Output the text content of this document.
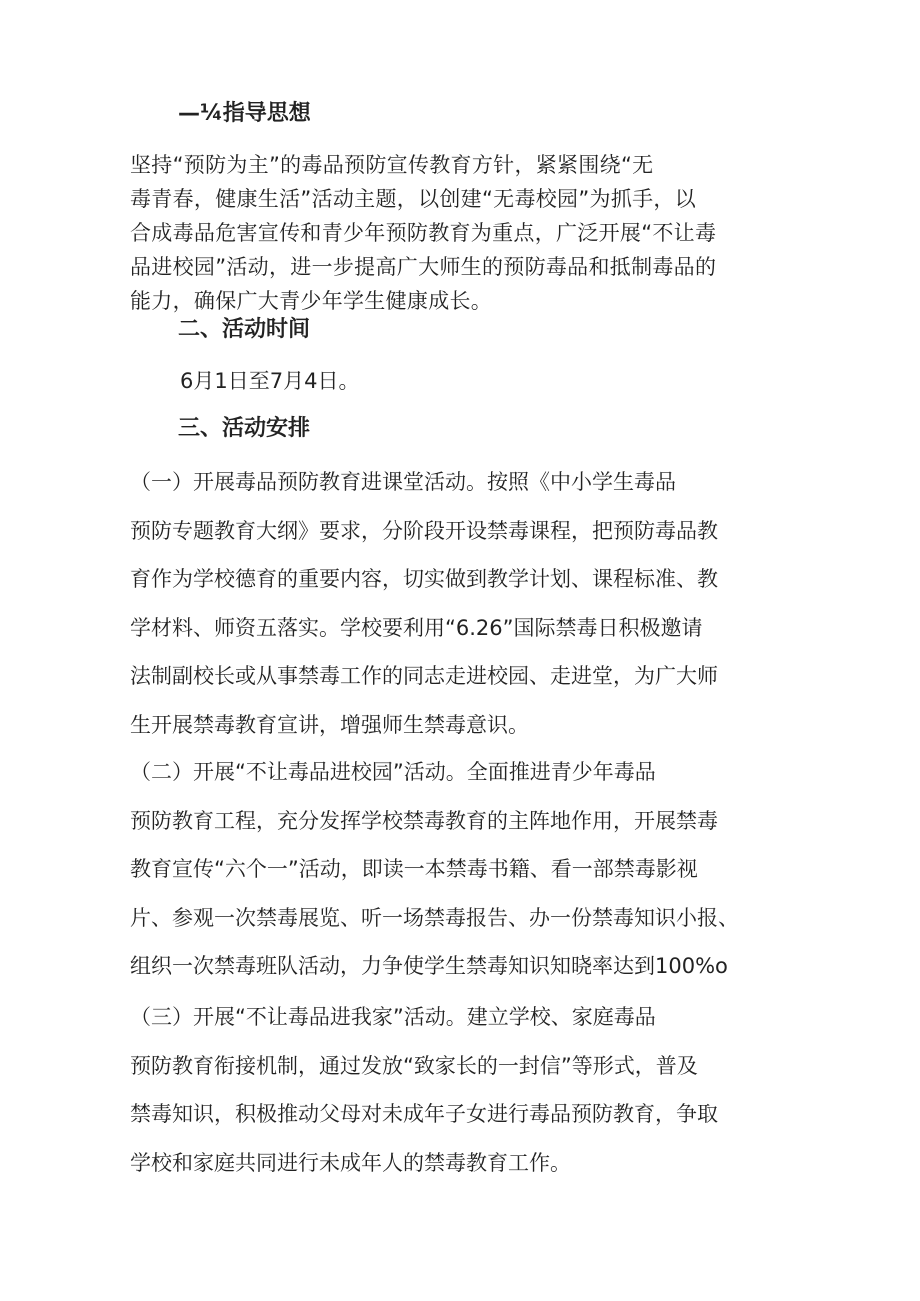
—¼指导思想

坚持“预防为主”的毒品预防宣传教育方针，紧紧围绕“无
毒青春，健康生活”活动主题，以创建“无毒校园”为抓手，以
合成毒品危害宣传和青少年预防教育为重点，广泛开展“不让毒
品进校园”活动，进一步提高广大师生的预防毒品和抵制毒品的
能力，确保广大青少年学生健康成长。

二、活动时间

6月1日至7月4日。

三、活动安排

（一）开展毒品预防教育进课堂活动。按照《中小学生毒品
预防专题教育大纲》要求，分阶段开设禁毒课程，把预防毒品教
育作为学校德育的重要内容，切实做到教学计划、课程标准、教
学材料、师资五落实。学校要利用“6.26”国际禁毒日积极邀请
法制副校长或从事禁毒工作的同志走进校园、走进堂，为广大师
生开展禁毒教育宣讲，增强师生禁毒意识。

（二）开展“不让毒品进校园”活动。全面推进青少年毒品
预防教育工程，充分发挥学校禁毒教育的主阵地作用，开展禁毒
教育宣传“六个一”活动，即读一本禁毒书籍、看一部禁毒影视
片、参观一次禁毒展览、听一场禁毒报告、办一份禁毒知识小报、
组织一次禁毒班队活动，力争使学生禁毒知识知晓率达到100%o

（三）开展“不让毒品进我家”活动。建立学校、家庭毒品
预防教育衔接机制，通过发放“致家长的一封信”等形式，普及
禁毒知识，积极推动父母对未成年子女进行毒品预防教育，争取
学校和家庭共同进行未成年人的禁毒教育工作。
